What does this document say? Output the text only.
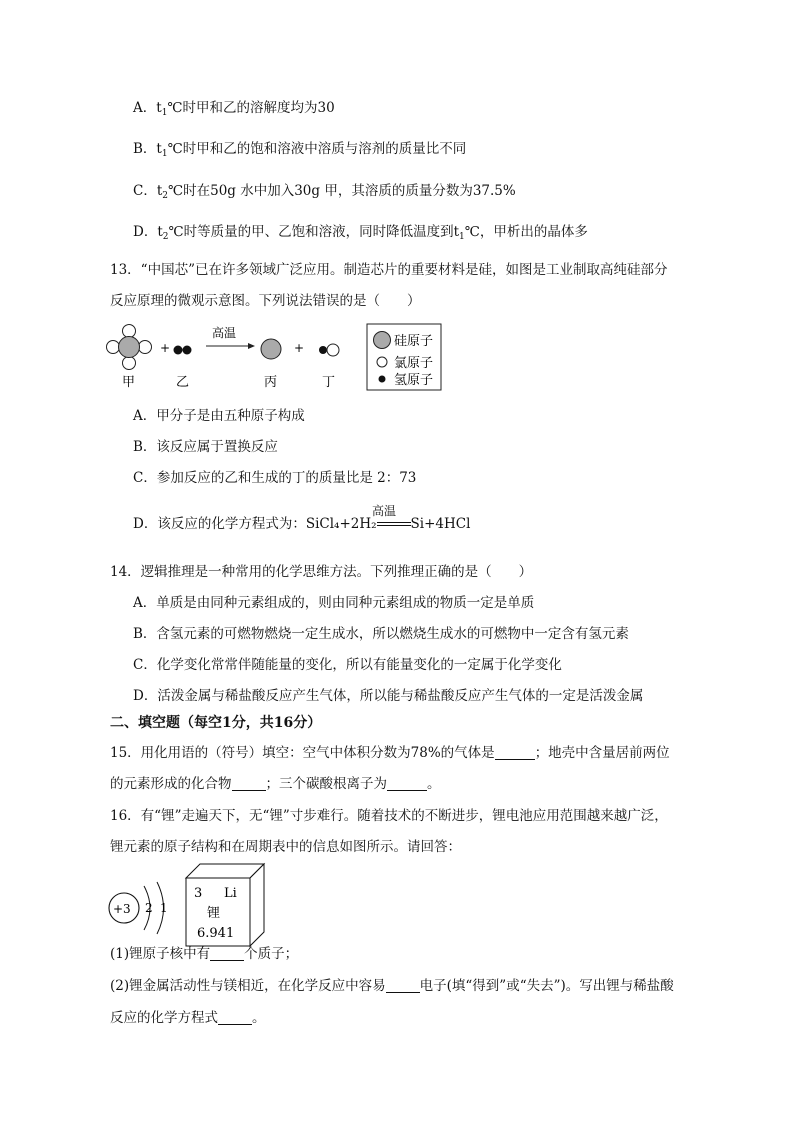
A．$t_1℃$时甲和乙的溶解度均为30
B．$t_1℃$时甲和乙的饱和溶液中溶质与溶剂的质量比不同
C．$t_2℃$时在50g 水中加入30g 甲，其溶质的质量分数为37.5%
D．$t_2℃$时等质量的甲、乙饱和溶液，同时降低温度到$t_1℃$，甲析出的晶体多
13．“中国芯”已在许多领域广泛应用。制造芯片的重要材料是硅，如图是工业制取高纯硅部分
反应原理的微观示意图。下列说法错误的是（　　）
+
高温
+
甲	乙	丙	丁
硅原子
氯原子
氢原子
A．甲分子是由五种原子构成
B．该反应属于置换反应
C．参加反应的乙和生成的丁的质量比是 2：73
D．该反应的化学方程式为：SiCl₄+2H₂	Si+4HCl
高温
14．逻辑推理是一种常用的化学思维方法。下列推理正确的是（　　）
A．单质是由同种元素组成的，则由同种元素组成的物质一定是单质
B．含氢元素的可燃物燃烧一定生成水，所以燃烧生成水的可燃物中一定含有氢元素
C．化学变化常常伴随能量的变化，所以有能量变化的一定属于化学变化
D．活泼金属与稀盐酸反应产生气体，所以能与稀盐酸反应产生气体的一定是活泼金属
二、填空题（每空1分，共16分）
15．用化用语的（符号）填空：空气中体积分数为78%的气体是	；地壳中含量居前两位
的元素形成的化合物	；三个碳酸根离子为	。
16．有“锂”走遍天下，无“锂”寸步难行。随着技术的不断进步，锂电池应用范围越来越广泛，
锂元素的原子结构和在周期表中的信息如图所示。请回答：
+3 2 1
3 Li
锂
6.941
(1)锂原子核中有	个质子；
(2)锂金属活动性与镁相近，在化学反应中容易	电子(填“得到”或“失去”)。写出锂与稀盐酸
反应的化学方程式	。
